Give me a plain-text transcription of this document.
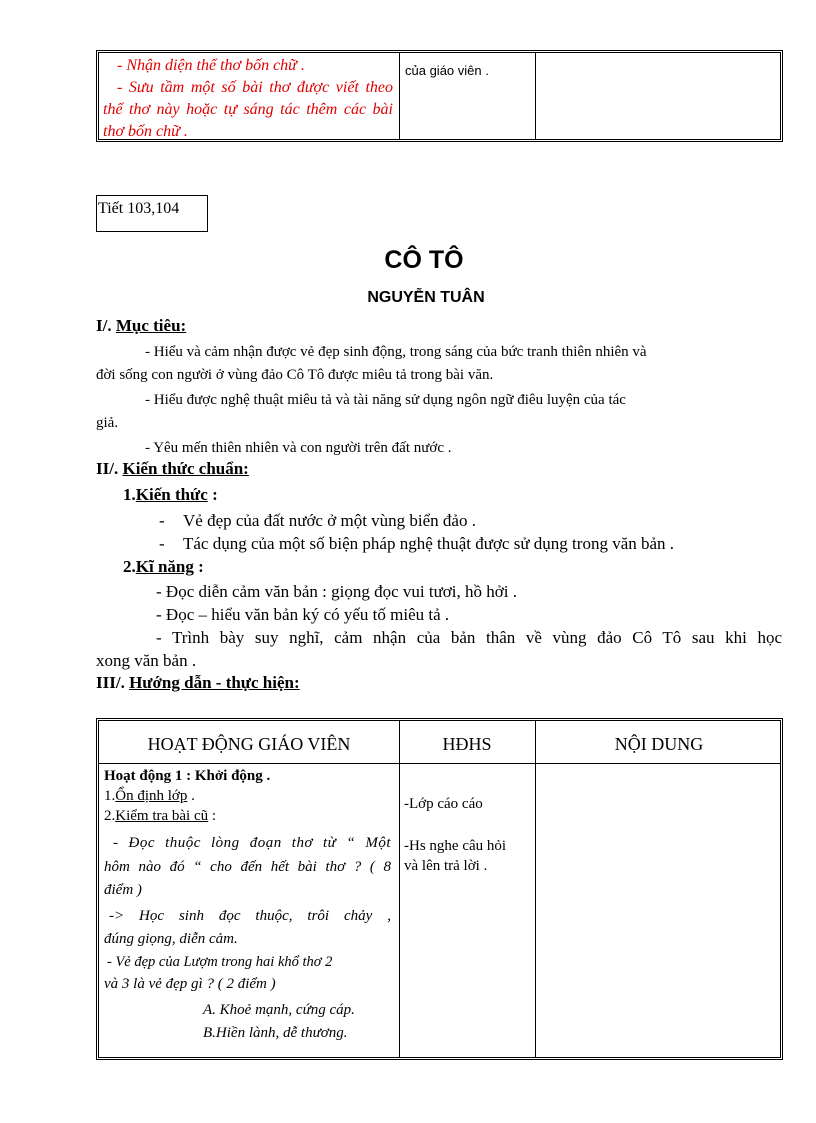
- Nhận diện thể thơ bốn chữ .

- Sưu tầm một số bài thơ được viết theo thể thơ này hoặc tự sáng tác thêm các bài thơ bốn chữ .

của giáo viên .
Tiết 103,104
CÔ TÔ
NGUYỄN TUÂN
I/. Mục tiêu:
- Hiểu và cảm nhận được vẻ đẹp sinh động, trong sáng của bức tranh thiên nhiên và
đời sống con người ở vùng đảo Cô Tô được miêu tả trong bài văn.
- Hiểu được nghệ thuật miêu tả và tài năng sử dụng ngôn ngữ điêu luyện của tác
giả.
- Yêu mến thiên nhiên và con người trên đất nước .
II/. Kiến thức chuẩn:
1.Kiến thức :
- Vẻ đẹp của đất nước ở một vùng biển đảo .
- Tác dụng của một số biện pháp nghệ thuật được sử dụng trong văn bản .
2.Kĩ năng :
- Đọc diễn cảm văn bản : giọng đọc vui tươi, hồ hởi .
- Đọc – hiểu văn bản ký có yếu tố miêu tả .
- Trình bày suy nghĩ, cảm nhận của bản thân về vùng đảo Cô Tô sau khi học
xong văn bản .
III/. Hướng dẫn - thực hiện:
HOẠT ĐỘNG GIÁO VIÊN	HĐHS	NỘI DUNG
Hoạt động 1 : Khởi động .
1.Ổn định lớp .
2.Kiểm tra bài cũ :
- Đọc thuộc lòng đoạn thơ từ “ Một
hôm nào đó “ cho đến hết bài thơ ? ( 8
điểm )
-> Học sinh đọc thuộc, trôi chảy ,
đúng giọng, diễn cảm.
- Vẻ đẹp của Lượm trong hai khổ thơ 2
và 3 là vẻ đẹp gì ? ( 2 điểm )
A. Khoẻ mạnh, cứng cáp.
B.Hiền lành, dễ thương.
-Lớp cáo cáo
-Hs nghe câu hỏi
và lên trả lời .
